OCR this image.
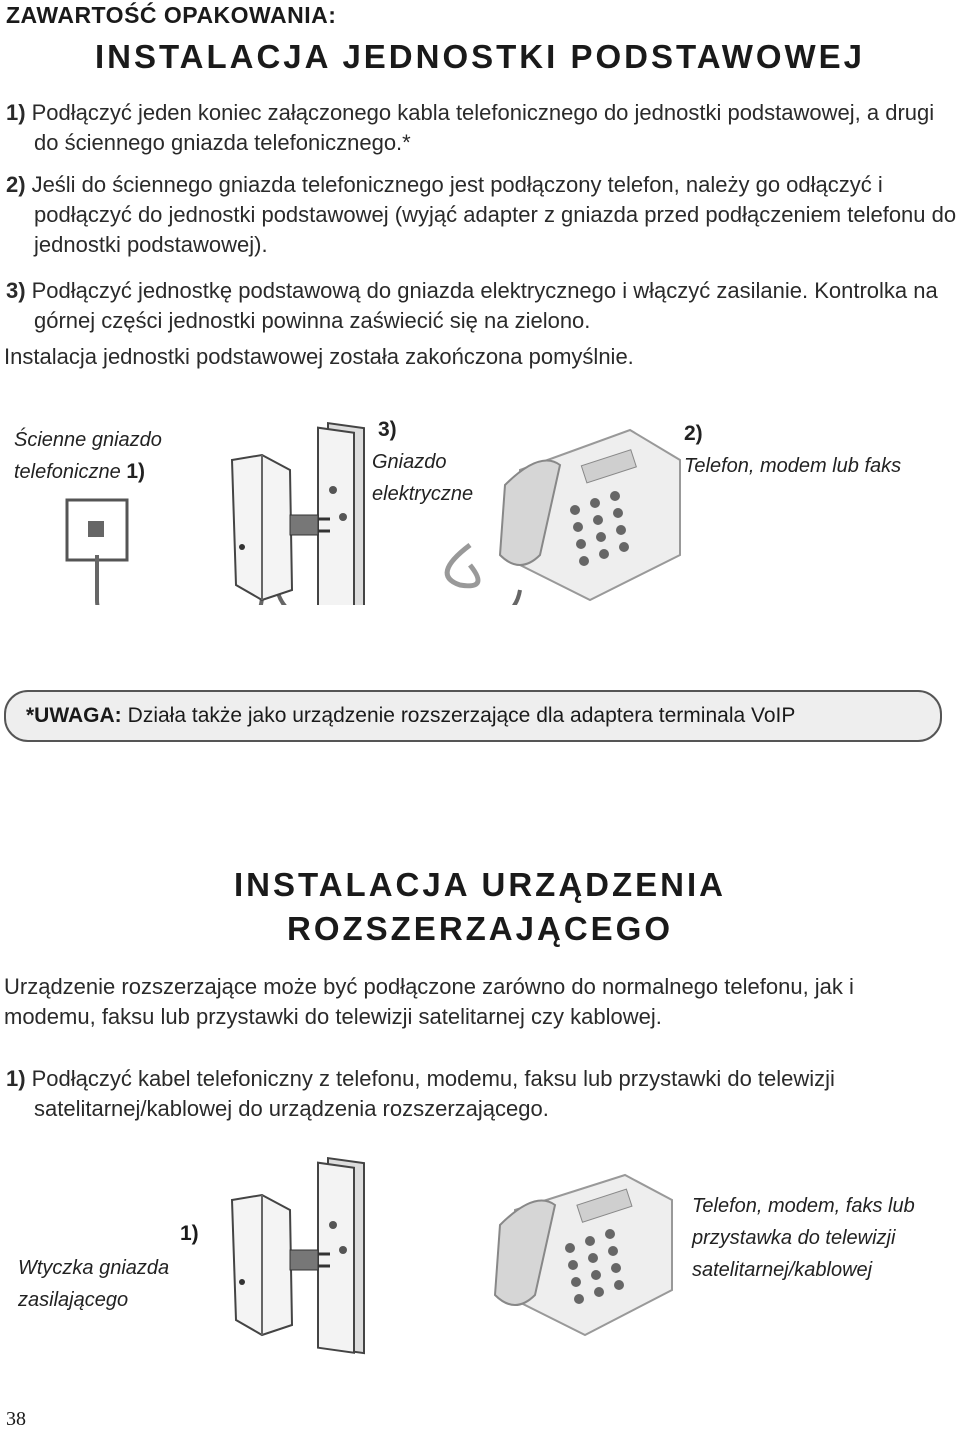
ZAWARTOŚĆ OPAKOWANIA:
INSTALACJA JEDNOSTKI PODSTAWOWEJ
1) Podłączyć jeden koniec załączonego kabla telefonicznego do jednostki podstawowej, a drugi do ściennego gniazda telefonicznego.*
2) Jeśli do ściennego gniazda telefonicznego jest podłączony telefon, należy go odłączyć i podłączyć do jednostki podstawowej (wyjąć adapter z gniazda przed podłączeniem telefonu do jednostki podstawowej).
3) Podłączyć jednostkę podstawową do gniazda elektrycznego i włączyć zasilanie. Kontrolka na górnej części jednostki powinna zaświecić się na zielono.
Instalacja jednostki podstawowej została zakończona pomyślnie.
Ścienne gniazdo
telefoniczne 1)
3)
Gniazdo
elektryczne
2)
Telefon, modem lub faks
*UWAGA: Działa także jako urządzenie rozszerzające dla adaptera terminala VoIP
INSTALACJA URZĄDZENIA
ROZSZERZAJĄCEGO
Urządzenie rozszerzające może być podłączone zarówno do normalnego telefonu, jak i modemu, faksu lub przystawki do telewizji satelitarnej czy kablowej.
1) Podłączyć kabel telefoniczny z telefonu, modemu, faksu lub przystawki do telewizji satelitarnej/kablowej do urządzenia rozszerzającego.
1)
Wtyczka gniazda
zasilającego
Telefon, modem, faks lub
przystawka do telewizji
satelitarnej/kablowej
38
